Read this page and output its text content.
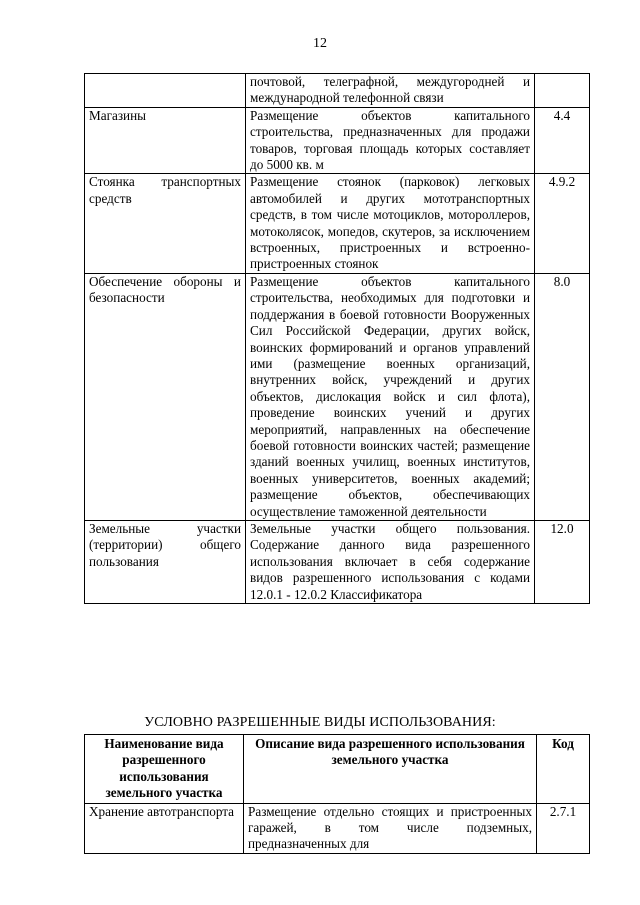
12
	почтовой, телеграфной, междугородней и международной телефонной связи	
Магазины	Размещение объектов капитального строительства, предназначенных для продажи товаров, торговая площадь которых составляет до 5000 кв. м	4.4
Стоянка транспортных средств	Размещение стоянок (парковок) легковых автомобилей и других мототранспортных средств, в том числе мотоциклов, мотороллеров, мотоколясок, мопедов, скутеров, за исключением встроенных, пристроенных и встроенно-пристроенных стоянок	4.9.2
Обеспечение обороны и безопасности	Размещение объектов капитального строительства, необходимых для подготовки и поддержания в боевой готовности Вооруженных Сил Российской Федерации, других войск, воинских формирований и органов управлений ими (размещение военных организаций, внутренних войск, учреждений и других объектов, дислокация войск и сил флота), проведение воинских учений и других мероприятий, направленных на обеспечение боевой готовности воинских частей; размещение зданий военных училищ, военных институтов, военных университетов, военных академий; размещение объектов, обеспечивающих осуществление таможенной деятельности	8.0
Земельные участки (территории) общего пользования	Земельные участки общего пользования. Содержание данного вида разрешенного использования включает в себя содержание видов разрешенного использования с кодами 12.0.1 - 12.0.2 Классификатора	12.0
УСЛОВНО РАЗРЕШЕННЫЕ ВИДЫ ИСПОЛЬЗОВАНИЯ:
Наименование вида разрешенного использования земельного участка	Описание вида разрешенного использования земельного участка	Код
Хранение автотранспорта	Размещение отдельно стоящих и пристроенных гаражей, в том числе подземных, предназначенных для	2.7.1
